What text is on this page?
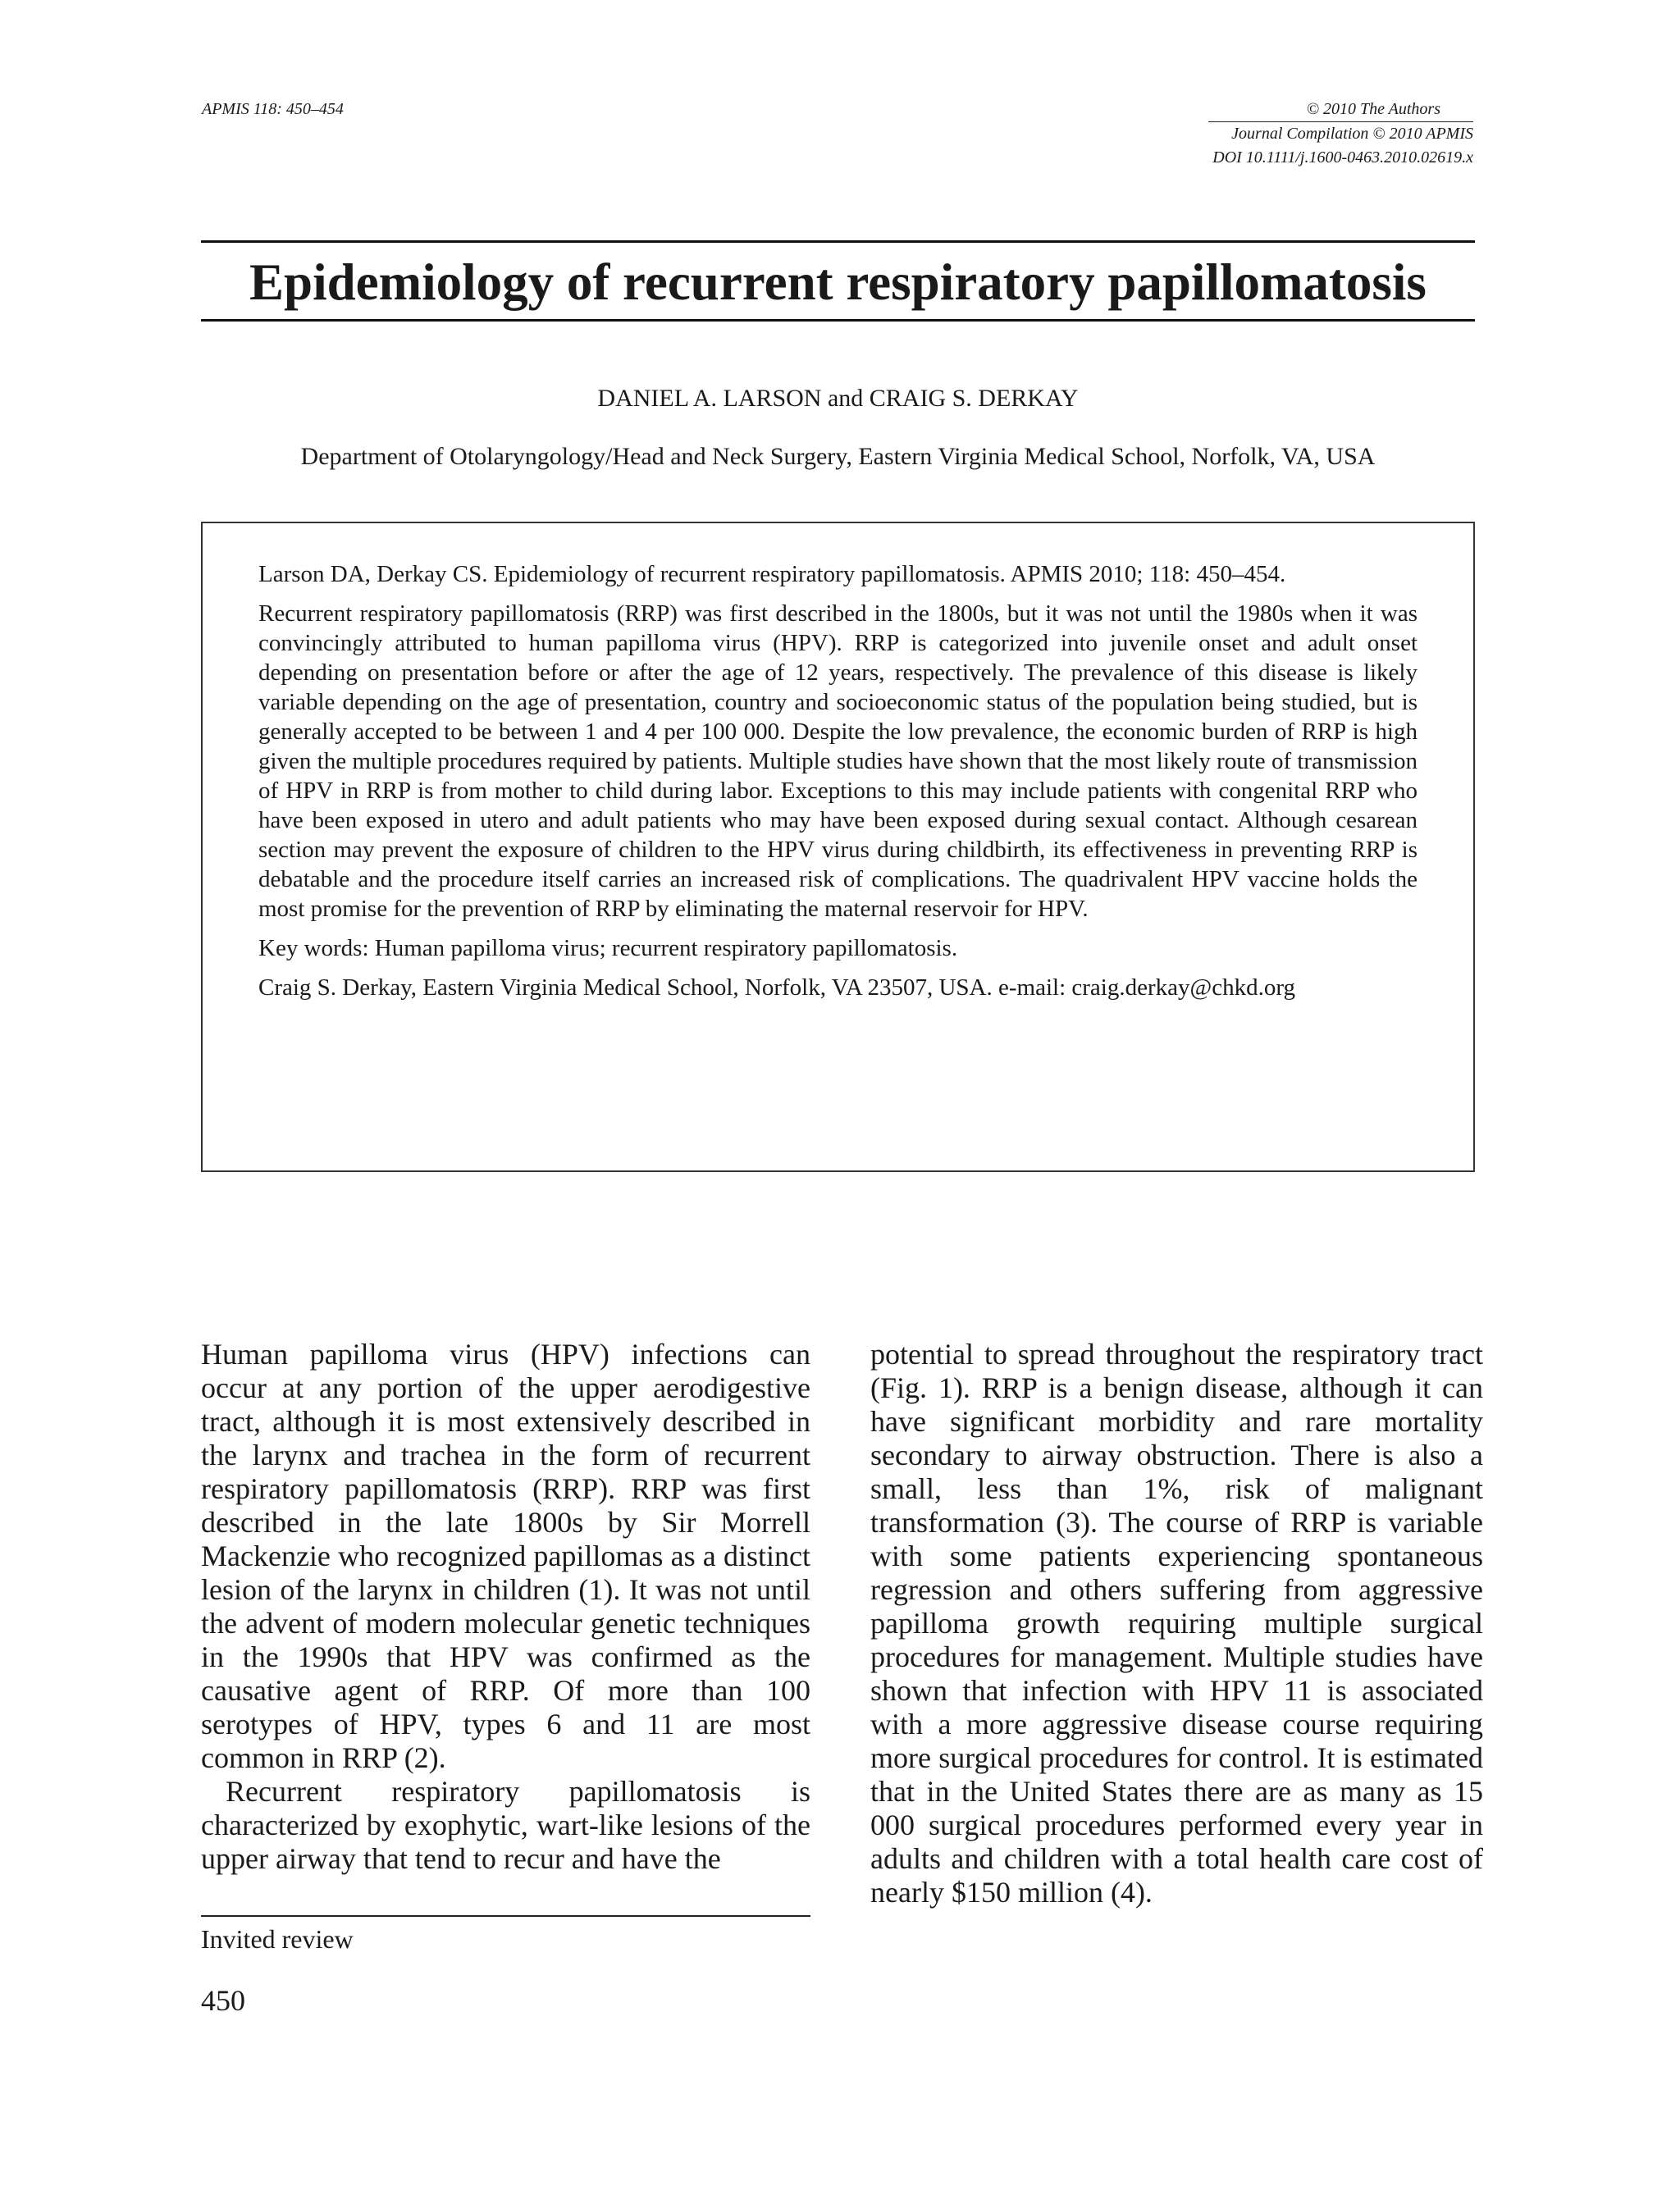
APMIS 118: 450–454	© 2010 The Authors
Journal Compilation © 2010 APMIS
DOI 10.1111/j.1600-0463.2010.02619.x
Epidemiology of recurrent respiratory papillomatosis
DANIEL A. LARSON and CRAIG S. DERKAY
Department of Otolaryngology/Head and Neck Surgery, Eastern Virginia Medical School, Norfolk, VA, USA

Larson DA, Derkay CS. Epidemiology of recurrent respiratory papillomatosis. APMIS 2010; 118: 450–454.

Recurrent respiratory papillomatosis (RRP) was first described in the 1800s, but it was not until the 1980s when it was convincingly attributed to human papilloma virus (HPV). RRP is categorized into juvenile onset and adult onset depending on presentation before or after the age of 12 years, respectively. The prevalence of this disease is likely variable depending on the age of presentation, country and socioeconomic status of the population being studied, but is generally accepted to be between 1 and 4 per 100 000. Despite the low prevalence, the economic burden of RRP is high given the multiple procedures required by patients. Multiple studies have shown that the most likely route of transmission of HPV in RRP is from mother to child during labor. Exceptions to this may include patients with congenital RRP who have been exposed in utero and adult patients who may have been exposed during sexual contact. Although cesarean section may prevent the exposure of children to the HPV virus during childbirth, its effectiveness in preventing RRP is debatable and the procedure itself carries an increased risk of complications. The quadrivalent HPV vaccine holds the most promise for the prevention of RRP by eliminating the maternal reservoir for HPV.

Key words: Human papilloma virus; recurrent respiratory papillomatosis.

Craig S. Derkay, Eastern Virginia Medical School, Norfolk, VA 23507, USA. e-mail: craig.derkay@chkd.org

Human papilloma virus (HPV) infections can occur at any portion of the upper aerodigestive tract, although it is most extensively described in the larynx and trachea in the form of recurrent respiratory papillomatosis (RRP). RRP was first described in the late 1800s by Sir Morrell Mackenzie who recognized papillomas as a distinct lesion of the larynx in children (1). It was not until the advent of modern molecular genetic techniques in the 1990s that HPV was confirmed as the causative agent of RRP. Of more than 100 serotypes of HPV, types 6 and 11 are most common in RRP (2).

Recurrent respiratory papillomatosis is characterized by exophytic, wart-like lesions of the upper airway that tend to recur and have the

potential to spread throughout the respiratory tract (Fig. 1). RRP is a benign disease, although it can have significant morbidity and rare mortality secondary to airway obstruction. There is also a small, less than 1%, risk of malignant transformation (3). The course of RRP is variable with some patients experiencing spontaneous regression and others suffering from aggressive papilloma growth requiring multiple surgical procedures for management. Multiple studies have shown that infection with HPV 11 is associated with a more aggressive disease course requiring more surgical procedures for control. It is estimated that in the United States there are as many as 15 000 surgical procedures performed every year in adults and children with a total health care cost of nearly $150 million (4).

Invited review
450
